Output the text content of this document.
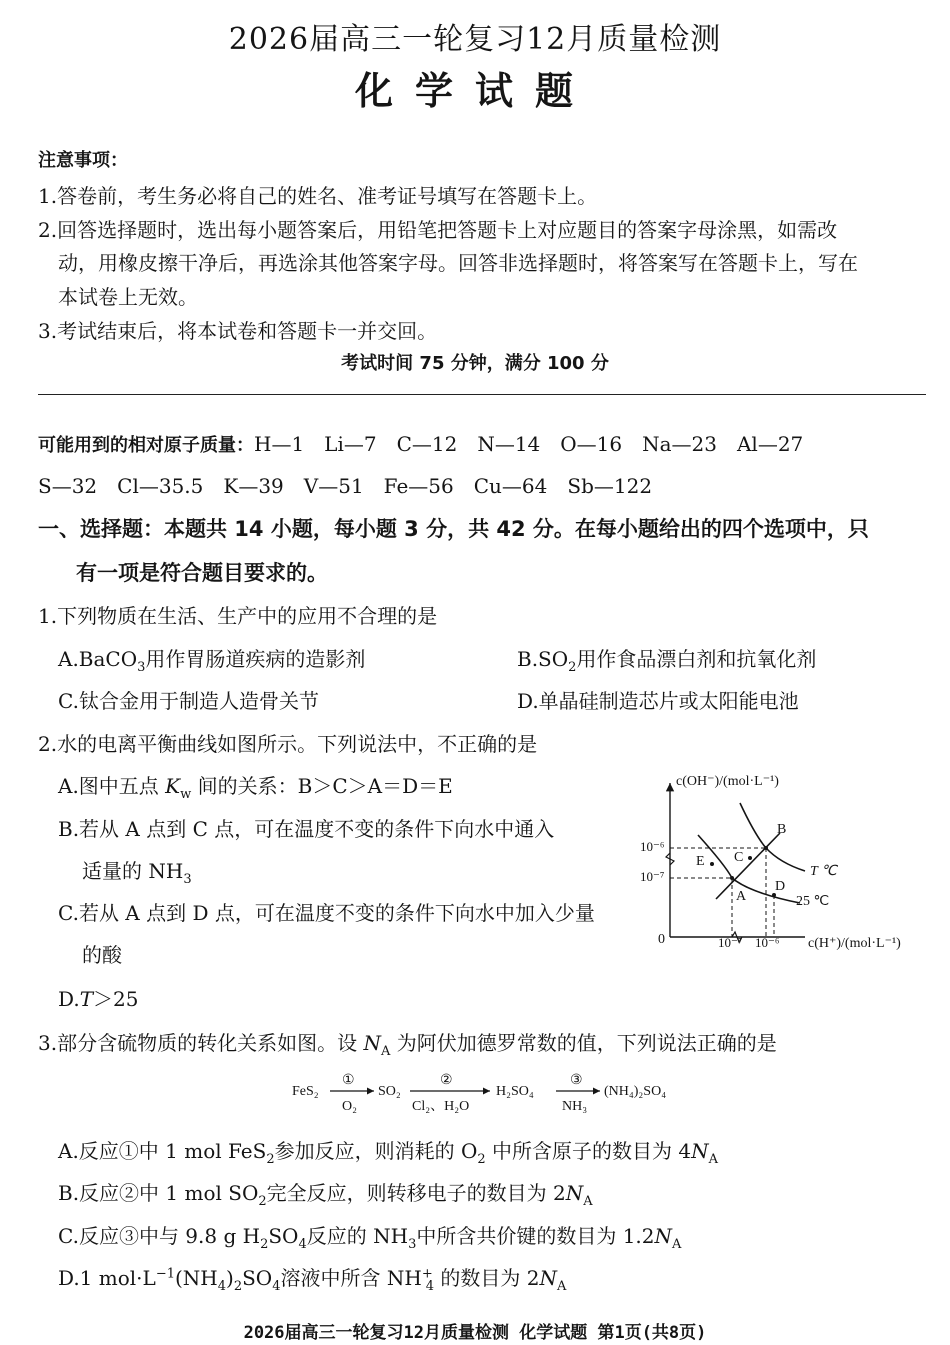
2026届高三一轮复习12月质量检测
化学试题
注意事项：
1.答卷前，考生务必将自己的姓名、准考证号填写在答题卡上。
2.回答选择题时，选出每小题答案后，用铅笔把答题卡上对应题目的答案字母涂黑，如需改
动，用橡皮擦干净后，再选涂其他答案字母。回答非选择题时，将答案写在答题卡上，写在
本试卷上无效。
3.考试结束后，将本试卷和答题卡一并交回。
考试时间 75 分钟，满分 100 分
可能用到的相对原子质量：H—1　Li—7　C—12　N—14　O—16　Na—23　Al—27
S—32　Cl—35.5　K—39　V—51　Fe—56　Cu—64　Sb—122
一、选择题：本题共 14 小题，每小题 3 分，共 42 分。在每小题给出的四个选项中，只
有一项是符合题目要求的。
1.下列物质在生活、生产中的应用不合理的是
A.BaCO$_3$用作胃肠道疾病的造影剂	$B.SO_2$用作食品漂白剂和抗氧化剂
C.钛合金用于制造人造骨关节	D.单晶硅制造芯片或太阳能电池
2.水的电离平衡曲线如图所示。下列说法中，不正确的是
A.图中五点 $K_w$ 间的关系：B＞C＞A＝D＝E
B.若从 A 点到 C 点，可在温度不变的条件下向水中通入
适量的 $NH_3$
C.若从 A 点到 D 点，可在温度不变的条件下向水中加入少量
的酸
D.T＞25
c(OH⁻)/(mol·L⁻¹)
c(H⁺)/(mol·L⁻¹)
0
10⁻⁶
10⁻⁷
10⁻⁷ 10⁻⁶
A
B
C
D
E
T ℃
25 ℃
3.部分含硫物质的转化关系如图。设 $N_A$ 为阿伏加德罗常数的值，下列说法正确的是
FeS₂
①
O₂
SO₂
②
Cl₂、H₂O
H₂SO₄
③
NH₃
(NH₄)₂SO₄
A.反应①中 1 mol FeS$_2$参加反应，则消耗的 $O_2$ 中所含原子的数目为 $4N_A$
B.反应②中 1 mol $SO_2$完全反应，则转移电子的数目为 $2N_A$
C.反应③中与 9.8 g $H_2SO_4$反应的 $NH_3$中所含共价键的数目为 $1.2N_A$
D.1 $mol\cdot L^{-1}(NH_4)_2SO_4$溶液中所含 $NH^+_4$ 的数目为 $2N_A$
2026届高三一轮复习12月质量检测 化学试题 第1页(共8页)
